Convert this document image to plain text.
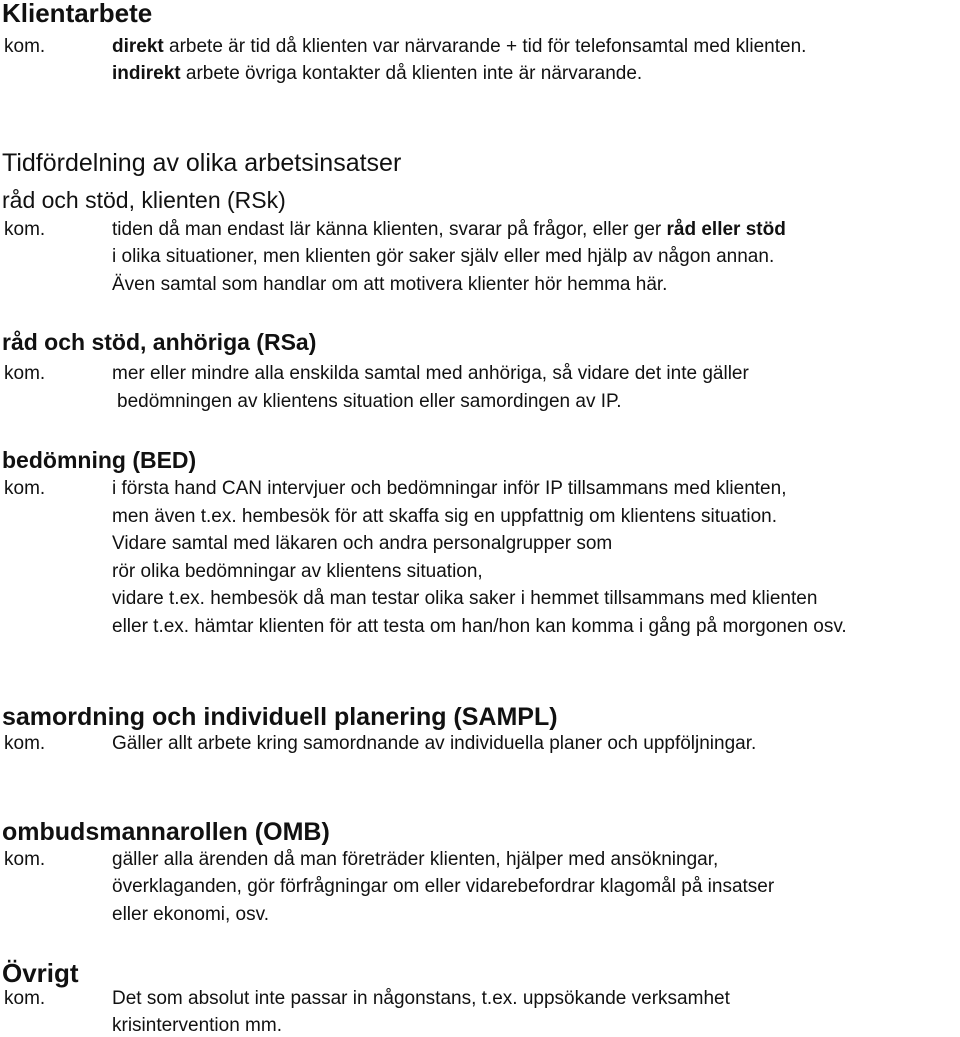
Klientarbete
kom.	direkt arbete är tid då klienten var närvarande + tid för telefonsamtal med klienten.
indirekt arbete övriga kontakter då klienten inte är närvarande.
Tidfördelning av olika arbetsinsatser
råd och stöd, klienten (RSk)
kom.	tiden då man endast lär känna klienten, svarar på frågor, eller ger råd eller stöd
i olika situationer, men klienten gör saker själv eller med hjälp av någon annan.
Även samtal som handlar om att motivera klienter hör hemma här.
råd och stöd, anhöriga (RSa)
kom.	mer eller mindre alla enskilda samtal med anhöriga, så vidare det inte gäller
bedömningen av klientens situation eller samordingen av IP.
bedömning (BED)
kom.	i första hand CAN intervjuer och bedömningar inför IP tillsammans med klienten,
men även t.ex. hembesök för att skaffa sig en uppfattnig om klientens situation.
Vidare samtal med läkaren och andra personalgrupper som
rör olika bedömningar av klientens situation,
vidare t.ex. hembesök då man testar olika saker i hemmet tillsammans med klienten
eller t.ex. hämtar klienten för att testa om han/hon kan komma i gång på morgonen osv.
samordning och individuell planering (SAMPL)
kom.	Gäller allt arbete kring samordnande av individuella planer och uppföljningar.
ombudsmannarollen (OMB)
kom.	gäller alla ärenden då man företräder klienten, hjälper med ansökningar,
överklaganden, gör förfrågningar om eller vidarebefordrar klagomål på insatser
eller ekonomi, osv.
Övrigt
kom.	Det som absolut inte passar in någonstans, t.ex. uppsökande verksamhet
krisintervention mm.
